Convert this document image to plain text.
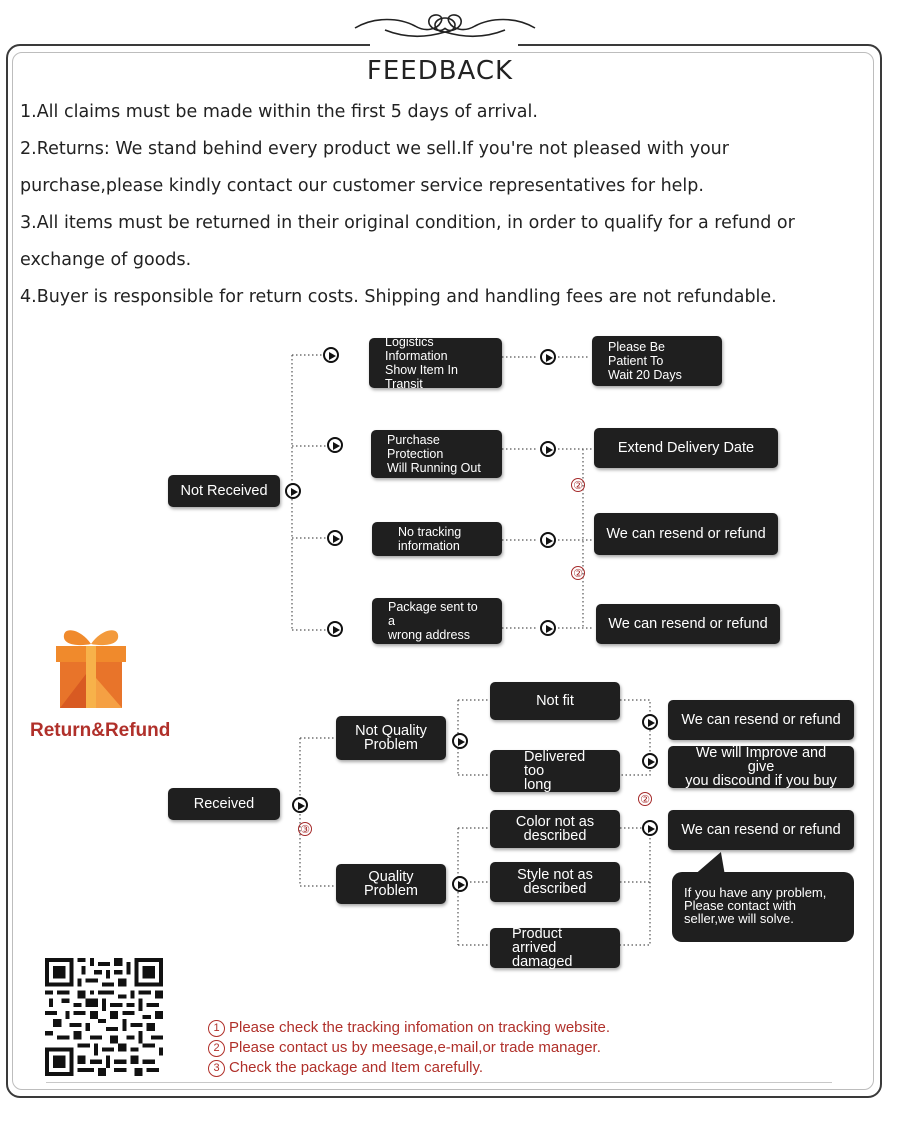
FEEDBACK

1.All claims must be made within the first 5 days of arrival.

2.Returns: We stand behind every product we sell.If you're not pleased with your purchase,please kindly contact our customer service representatives for help.

3.All items must be returned in their original condition, in order to qualify for a refund or exchange of goods.

4.Buyer is responsible for return costs. Shipping and handling fees are not refundable.

Not Received
Logistics Information
Show Item In Transit
Please Be Patient To
Wait 20 Days
Purchase Protection
Will Running Out
Extend Delivery Date
②
No tracking
information
We can resend or refund
②
Package sent to a
wrong address
We can resend or refund
Return&Refund
Received
③
Not Quality
Problem
Not fit
Delivered too
long
Quality
Problem
Color not as
described
Style not as
described
Product arrived
damaged
We can resend or refund
We will Improve and give
you discound if you buy
②
We can resend or refund
If you have any problem,
Please contact with
seller,we will solve.

1 Please check the tracking infomation on tracking website.

2 Please contact us by meesage,e-mail,or trade manager.

3 Check the package and Item carefully.
